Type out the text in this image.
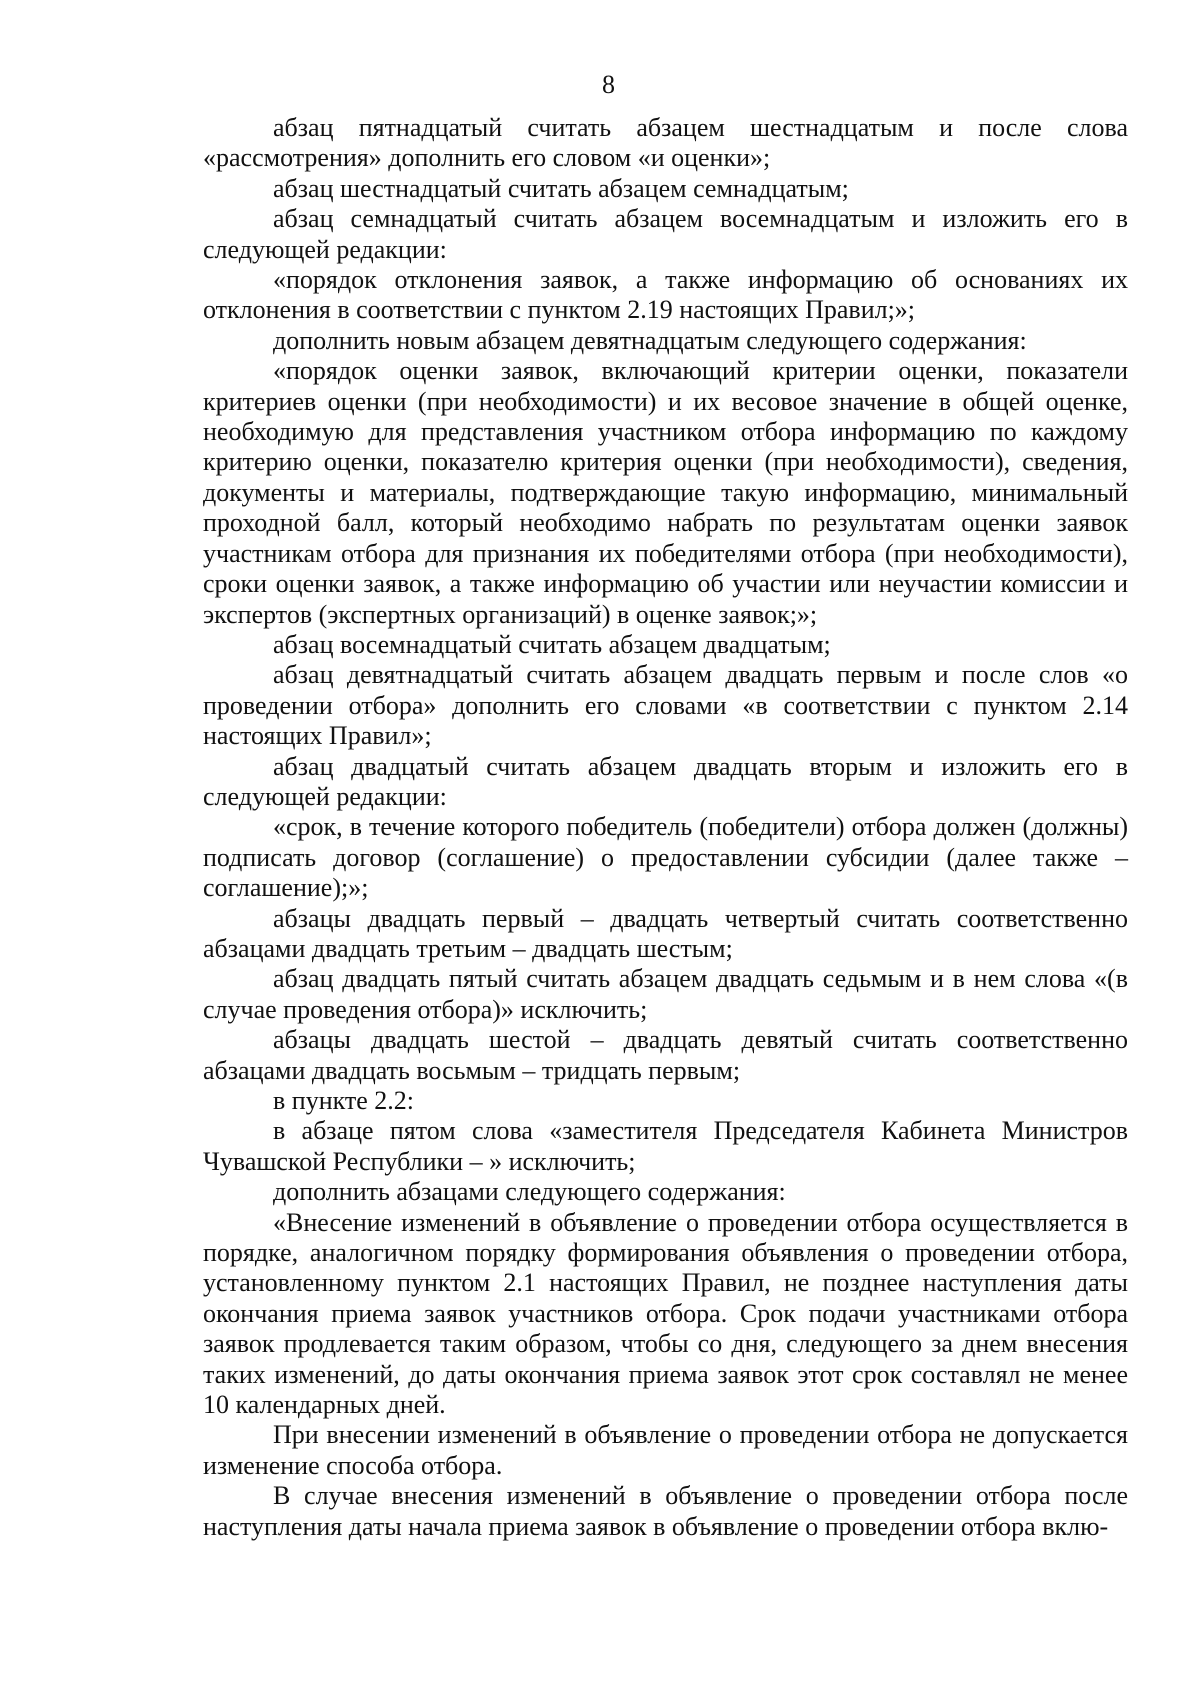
8

абзац пятнадцатый считать абзацем шестнадцатым и после слова «рассмотрения» дополнить его словом «и оценки»;

абзац шестнадцатый считать абзацем семнадцатым;

абзац семнадцатый считать абзацем восемнадцатым и изложить его в следующей редакции:

«порядок отклонения заявок, а также информацию об основаниях их отклонения в соответствии с пунктом 2.19 настоящих Правил;»;

дополнить новым абзацем девятнадцатым следующего содержания:

«порядок оценки заявок, включающий критерии оценки, показатели критериев оценки (при необходимости) и их весовое значение в общей оценке, необходимую для представления участником отбора информацию по каждому критерию оценки, показателю критерия оценки (при необходимости), сведения, документы и материалы, подтверждающие такую информацию, минимальный проходной балл, который необходимо набрать по результатам оценки заявок участникам отбора для признания их победителями отбора (при необходимости), сроки оценки заявок, а также информацию об участии или неучастии комиссии и экспертов (экспертных организаций) в оценке заявок;»;

абзац восемнадцатый считать абзацем двадцатым;

абзац девятнадцатый считать абзацем двадцать первым и после слов «о проведении отбора» дополнить его словами «в соответствии с пунктом 2.14 настоящих Правил»;

абзац двадцатый считать абзацем двадцать вторым и изложить его в следующей редакции:

«срок, в течение которого победитель (победители) отбора должен (должны) подписать договор (соглашение) о предоставлении субсидии (далее также – соглашение);»;

абзацы двадцать первый – двадцать четвертый считать соответственно абзацами двадцать третьим – двадцать шестым;

абзац двадцать пятый считать абзацем двадцать седьмым и в нем слова «(в случае проведения отбора)» исключить;

абзацы двадцать шестой – двадцать девятый считать соответственно абзацами двадцать восьмым – тридцать первым;

в пункте 2.2:

в абзаце пятом слова «заместителя Председателя Кабинета Министров Чувашской Республики – » исключить;

дополнить абзацами следующего содержания:

«Внесение изменений в объявление о проведении отбора осуществляется в порядке, аналогичном порядку формирования объявления о проведении отбора, установленному пунктом 2.1 настоящих Правил, не позднее наступления даты окончания приема заявок участников отбора. Срок подачи участниками отбора заявок продлевается таким образом, чтобы со дня, следующего за днем внесения таких изменений, до даты окончания приема заявок этот срок составлял не менее 10 календарных дней.

При внесении изменений в объявление о проведении отбора не допускается изменение способа отбора.

В случае внесения изменений в объявление о проведении отбора после наступления даты начала приема заявок в объявление о проведении отбора вклю-
